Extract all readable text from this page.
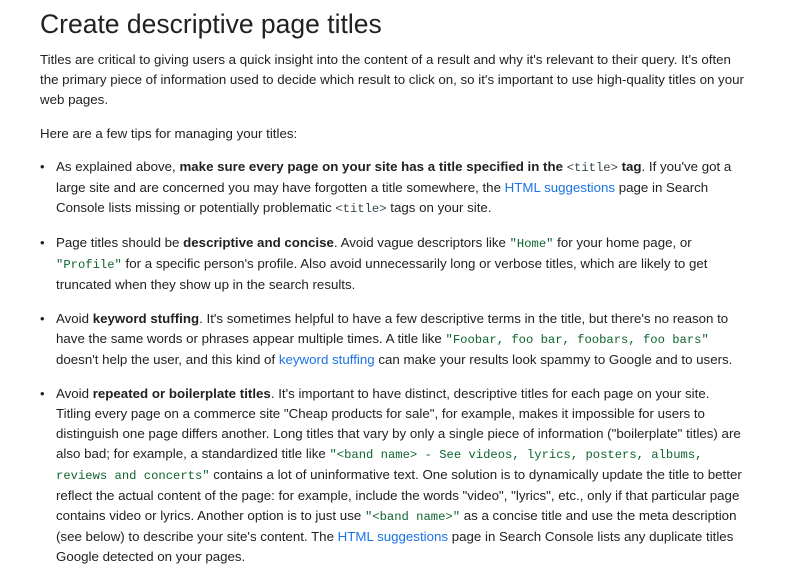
Create descriptive page titles

Titles are critical to giving users a quick insight into the content of a result and why it's relevant to their query. It's often the primary piece of information used to decide which result to click on, so it's important to use high-quality titles on your web pages.

Here are a few tips for managing your titles:

• As explained above, make sure every page on your site has a title specified in the <title> tag. If you've got a large site and are concerned you may have forgotten a title somewhere, the HTML suggestions page in Search Console lists missing or potentially problematic <title> tags on your site.
• Page titles should be descriptive and concise. Avoid vague descriptors like "Home" for your home page, or "Profile" for a specific person's profile. Also avoid unnecessarily long or verbose titles, which are likely to get truncated when they show up in the search results.
• Avoid keyword stuffing. It's sometimes helpful to have a few descriptive terms in the title, but there's no reason to have the same words or phrases appear multiple times. A title like "Foobar, foo bar, foobars, foo bars" doesn't help the user, and this kind of keyword stuffing can make your results look spammy to Google and to users.
• Avoid repeated or boilerplate titles. It's important to have distinct, descriptive titles for each page on your site. Titling every page on a commerce site "Cheap products for sale", for example, makes it impossible for users to distinguish one page differs another. Long titles that vary by only a single piece of information ("boilerplate" titles) are also bad; for example, a standardized title like "<band name> - See videos, lyrics, posters, albums, reviews and concerts" contains a lot of uninformative text. One solution is to dynamically update the title to better reflect the actual content of the page: for example, include the words "video", "lyrics", etc., only if that particular page contains video or lyrics. Another option is to just use "<band name>" as a concise title and use the meta description (see below) to describe your site's content. The HTML suggestions page in Search Console lists any duplicate titles Google detected on your pages.
